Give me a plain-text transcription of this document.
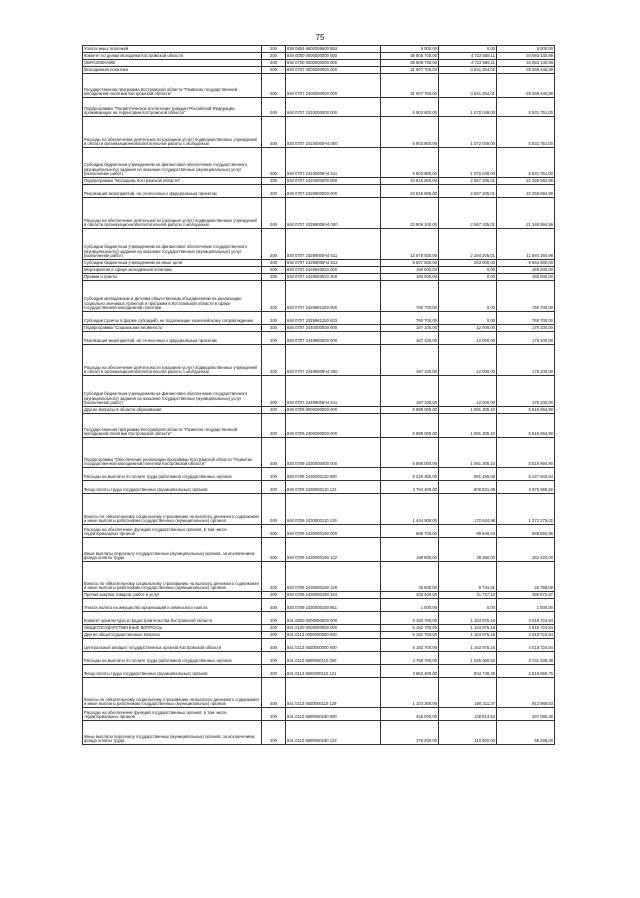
75
Уплата иных платежей	200	839 0804 6600059500 853	5 000,00	0,00	5 000,00
Комитет по делам молодежи Костромской области	200	840 0000 0000000000 000	38 805 700,00	4 722 559,11	34 083 140,89
ОБРАЗОВАНИЕ	200	840 0700 0000000000 000	38 805 700,00	4 722 559,11	34 083 140,89
Молодежная политика	200	840 0707 0000000000 000	31 907 700,00	3 641 254,01	28 266 445,99
Государственная программа Костромской области "Развитие государственной молодежной политики Костромской области"	200	840 0707 2400000000 000	31 907 700,00	3 641 254,01	28 266 445,99
Подпрограмма "Патриотическое воспитание граждан Российской Федерации, проживающих на территории Костромской области"	200	840 0707 2410000000 000	6 903 800,00	1 072 049,00	5 831 751,00
Расходы на обеспечение деятельности (оказание услуг) подведомственных учреждений в области организационновоспитательной работы с молодежью	200	840 0707 24100005Ч4 000	6 903 800,00	1 072 049,00	5 831 751,00
Субсидии бюджетным учреждениям на финансовое обеспечение государственного (муниципального) задания на оказание государственных (муниципальных) услуг (выполнение работ)	200	840 0707 24100005Ч4 611	6 903 800,00	1 072 049,00	5 831 751,00
Подпрограмма "Молодежь Костромской области"	200	840 0707 2420000000 000	24 816 800,00	2 557 205,01	22 259 594,99
Реализация мероприятий, не отнесенных к федеральным проектам	200	840 0707 2429900000 000	24 816 800,00	2 557 205,01	22 259 594,99
Расходы на обеспечение деятельности (оказание услуг) подведомственных учреждений в области организационновоспитательной работы с молодежью	200	840 0707 24299005Ч4 000	23 906 100,00	2 557 205,01	21 348 894,99
Субсидии бюджетным учреждениям на финансовое обеспечение государственного (муниципального) задания на оказание государственных (муниципальных) услуг (выполнение работ)	200	840 0707 24299005Ч4 611	13 978 500,00	2 294 205,01	11 684 294,99
Субсидии бюджетным учреждениям на иные цели	200	840 0707 24299005Ч4 612	9 927 600,00	263 000,00	9 664 600,00
Мероприятия в сфере молодежной политики	200	840 0707 2429920520 000	150 000,00	0,00	150 000,00
Премии и гранты	200	840 0707 2429920520 350	150 000,00	0,00	150 000,00
Субсидии молодежным и детским общественным объединениям на реализацию социально значимых проектов и программ в Костромской области в сфере государственной молодежной политики	200	840 0707 2429961250 000	760 700,00	0,00	760 700,00
Субсидии (гранты в форме субсидий), не подлежащие казначейскому сопровождению	200	840 0707 2429961250 633	760 700,00	0,00	760 700,00
Подпрограмма "Социальная активность"	200	840 0707 2440000000 000	187 100,00	12 000,00	175 100,00
Реализация мероприятий, не отнесенных к федеральным проектам	200	840 0707 2449900000 000	187 100,00	12 000,00	175 100,00
Расходы на обеспечение деятельности (оказание услуг) подведомственных учреждений в области организационновоспитательной работы с молодежью	200	840 0707 24499005Ч4 000	187 100,00	12 000,00	175 100,00
Субсидии бюджетным учреждениям на финансовое обеспечение государственного (муниципального) задания на оказание государственных (муниципальных) услуг (выполнение работ)	200	840 0707 24499005Ч4 611	187 100,00	12 000,00	175 100,00
Другие вопросы в области образования	200	840 0709 0000000000 000	6 898 000,00	1 081 305,10	5 816 694,90
Государственная программа Костромской области "Развитие государственной молодежной политики Костромской области"	200	840 0709 2400000000 000	6 898 000,00	1 081 305,10	5 816 694,90
Подпрограмма "Обеспечение реализации программы Костромской области "Развитие государственной молодежной политики Костромской области"	200	840 0709 2430000000 000	6 898 000,00	1 081 305,10	5 816 694,90
Расходы на выплаты по оплате труда работников государственных органов	200	840 0709 2430000110 000	6 229 300,00	981 455,08	5 247 843,94
Фонд оплаты труда государственных (муниципальных) органов	200	840 0709 2430000110 121	4 784 400,00	808 831,08	3 975 568,92
Взносы по обязательному социальному страхованию на выплаты денежного содержания и иные выплаты работникам государственных (муниципальных) органов	200	840 0709 2430000110 129	1 444 900,00	172 624,98	1 272 275,02
Расходы на обеспечение функций государственных органов, в том числе территориальных органов	200	840 0709 2430000190 000	668 700,00	99 849,04	568 850,96
Иные выплаты персоналу государственных (муниципальных) органов, за исключением фонда оплаты труда	200	840 0709 2430000190 122	199 800,00	48 380,00	151 420,00
Взносы по обязательному социальному страхованию на выплаты денежного содержания и иные выплаты работникам государственных (муниципальных) органов	200	840 0709 2430000190 129	35 500,00	9 741,91	25 758,09
Прочая закупка товаров, работ и услуг	200	840 0709 2430000190 244	432 400,00	41 727,13	390 672,87
Уплата налога на имущество организаций и земельного налога	200	840 0709 2430000190 851	1 000,00	0,00	1 000,00
Комитет архитектуры и градостроительства Костромской области	200	841 0000 0000000000 000	5 182 700,00	1 163 975,16	4 018 724,84
ОБЩЕГОСУДАРСТВЕННЫЕ ВОПРОСЫ	200	841 0100 0000000000 000	5 182 700,00	1 163 975,16	4 018 724,84
Другие общегосударственные вопросы	200	841 0113 0000000000 000	5 182 700,00	1 163 975,16	4 018 724,84
Центральный аппарат государственных органов Костромской области	200	841 0113 6600000000 000	5 182 700,00	1 163 975,16	4 018 724,84
Расходы на выплаты по оплате труда работников государственных органов	200	841 0113 6600000110 000	4 756 700,00	1 025 060,62	3 731 639,38
Фонд оплаты труда государственных (муниципальных) органов	200	841 0113 6600000110 121	3 653 400,00	834 749,25	2 818 650,75
Взносы по обязательному социальному страхованию на выплаты денежного содержания и иные выплаты работникам государственных (муниципальных) органов	200	841 0113 6600000110 129	1 103 300,00	190 311,37	912 988,63
Расходы на обеспечение функций государственных органов, в том числе территориальных органов	200	841 0113 6600000190 000	426 000,00	138 914,54	287 085,46
Иные выплаты персоналу государственных (муниципальных) органов, за исключением фонда оплаты труда	200	841 0113 6600000190 122	179 200,00	110 902,00	68 298,00
